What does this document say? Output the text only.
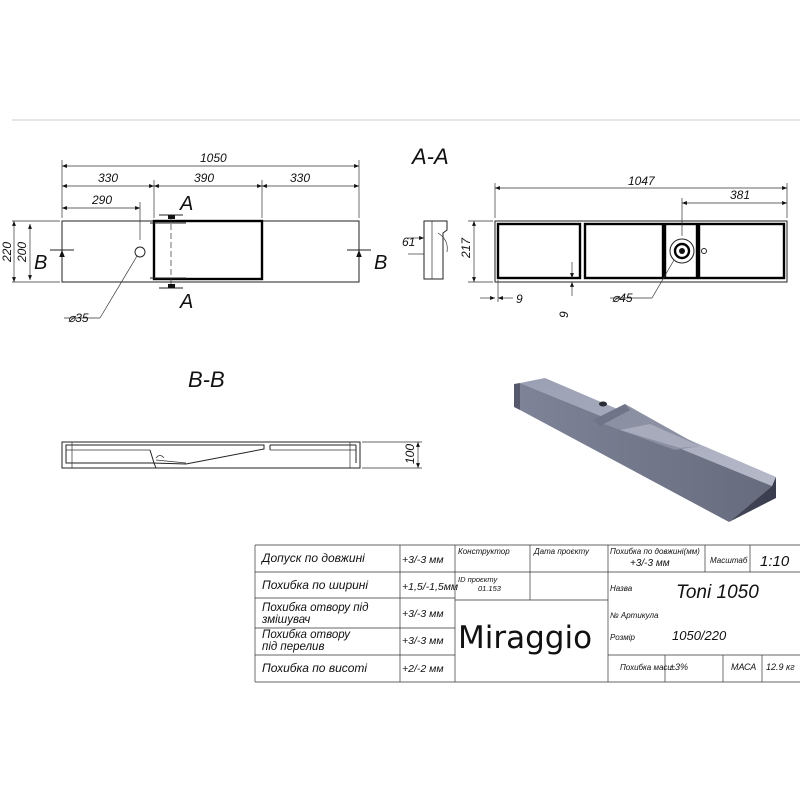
B	B
A
A
1050
330	390	330
290
220 200
⌀35
61
A-A
1047
381
217
9
9
⌀45
B-B
100
Допуск по довжині	+3/-3 мм
Похибка по ширині	+1,5/-1,5мм
Похибка отвору під змішувач	+3/-3 мм
Похибка отвору під перелив	+3/-3 мм
Похибка по висоті	+2/-2 мм
Конструктор	Дата проєкту
ID проєкту
01.153
Miraggio
Похибка по довжині(мм)
+3/-3 мм	Масштаб 1:10
Назва Toni 1050
№ Артикула
Розмір	1050/220
Похибка маси
±3%	МАСА 12.9 кг
